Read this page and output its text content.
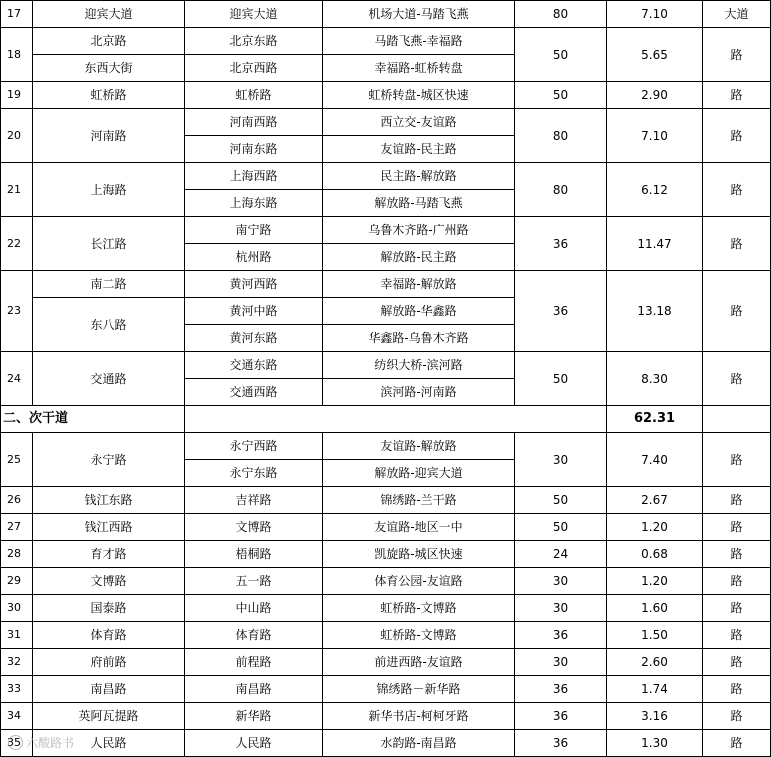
17	迎宾大道	迎宾大道	机场大道-马踏飞燕	80	7.10	大道
18	北京路	北京东路	马踏飞燕-幸福路	50	5.65	路
	东西大街	北京西路	幸福路-虹桥转盘			
19	虹桥路	虹桥路	虹桥转盘-城区快速	50	2.90	路
20	河南路	河南西路	西立交-友谊路	80	7.10	路
		河南东路	友谊路-民主路			
21	上海路	上海西路	民主路-解放路	80	6.12	路
		上海东路	解放路-马踏飞燕			
22	长江路	南宁路	乌鲁木齐路-广州路	36	11.47	路
		杭州路	解放路-民主路			
23	南二路	黄河西路	幸福路-解放路	36	13.18	路
	东八路	黄河中路	解放路-华鑫路			
		黄河东路	华鑫路-乌鲁木齐路			
24	交通路	交通东路	纺织大桥-滨河路	50	8.30	路
		交通西路	滨河路-河南路			
二、次干道					62.31	
25	永宁路	永宁西路	友谊路-解放路	30	7.40	路
		永宁东路	解放路-迎宾大道			
26	钱江东路	吉祥路	锦绣路-兰干路	50	2.67	路
27	钱江西路	文博路	友谊路-地区一中	50	1.20	路
28	育才路	梧桐路	凯旋路-城区快速	24	0.68	路
29	文博路	五一路	体育公园-友谊路	30	1.20	路
30	国泰路	中山路	虹桥路-文博路	30	1.60	路
31	体育路	体育路	虹桥路-文博路	36	1.50	路
32	府前路	前程路	前进西路-友谊路	30	2.60	路
33	南昌路	南昌路	锦绣路－新华路	36	1.74	路
34	英阿瓦提路	新华路	新华书店-柯柯牙路	36	3.16	路
35	人民路	人民路	水韵路-南昌路	36	1.30	路
六酸路书
